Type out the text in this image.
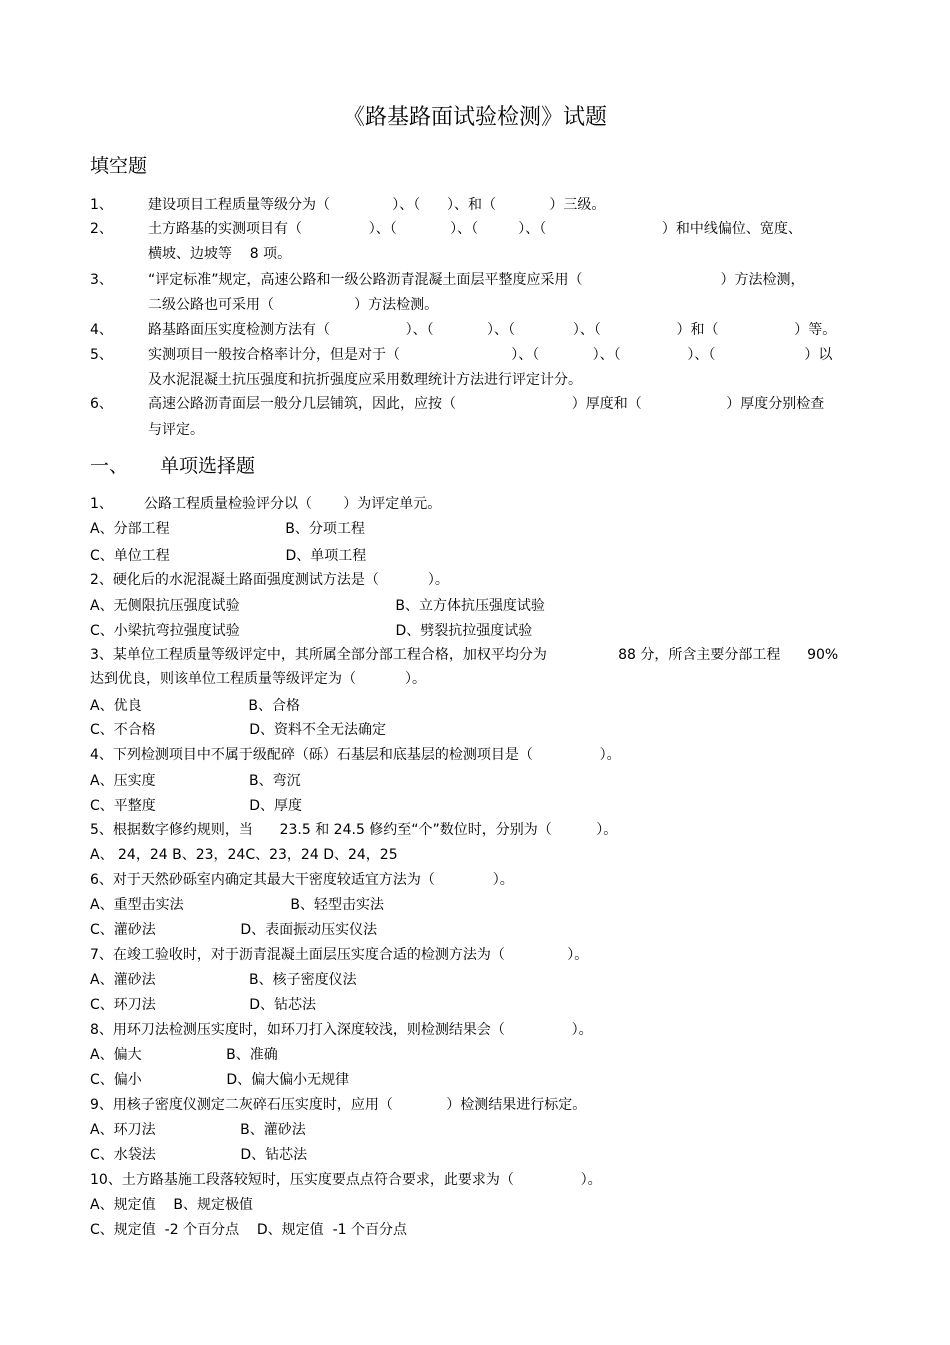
《路基路面试验检测》试题
填空题
1、	建设项目工程质量等级分为（              ）、（      ）、和（            ）三级。
2、	土方路基的实测项目有（               ）、（            ）、（         ）、（                          ）和中线偏位、宽度、
横坡、边坡等    8 项。
3、	“评定标准”规定，高速公路和一级公路沥青混凝土面层平整度应采用（                               ）方法检测，
二级公路也可采用（                  ）方法检测。
4、	路基路面压实度检测方法有（                 ）、（            ）、（             ）、（                 ）和（                 ）等。
5、	实测项目一般按合格率计分，但是对于（                         ）、（            ）、（               ）、（                    ）以
及水泥混凝土抗压强度和抗折强度应采用数理统计方法进行评定计分。
6、	高速公路沥青面层一般分几层铺筑，因此，应按（                          ）厚度和（                   ）厚度分别检查
与评定。
一、 单项选择题
1、       公路工程质量检验评分以（       ）为评定单元。
A、分部工程                          B、分项工程
C、单位工程                          D、单项工程
2、硬化后的水泥混凝土路面强度测试方法是（           ）。
A、无侧限抗压强度试验                                   B、立方体抗压强度试验
C、小梁抗弯拉强度试验                                   D、劈裂抗拉强度试验
3、某单位工程质量等级评定中，其所属全部分部工程合格，加权平均分为                88 分，所含主要分部工程      90%
达到优良，则该单位工程质量等级评定为（           ）。
A、优良                        B、合格
C、不合格                     D、资料不全无法确定
4、下列检测项目中不属于级配碎（砾）石基层和底基层的检测项目是（               ）。
A、压实度                     B、弯沉
C、平整度                     D、厚度
5、根据数字修约规则，当      23.5 和 24.5 修约至“个”数位时，分别为（          ）。
A、 24，24 B、23，24C、23，24 D、24，25
6、对于天然砂砾室内确定其最大干密度较适宜方法为（             ）。
A、重型击实法                        B、轻型击实法
C、灌砂法                   D、表面振动压实仪法
7、在竣工验收时，对于沥青混凝土面层压实度合适的检测方法为（              ）。
A、灌砂法                     B、核子密度仪法
C、环刀法                     D、钻芯法
8、用环刀法检测压实度时，如环刀打入深度较浅，则检测结果会（               ）。
A、偏大                   B、准确
C、偏小                   D、偏大偏小无规律
9、用核子密度仪测定二灰碎石压实度时，应用（            ）检测结果进行标定。
A、环刀法                   B、灌砂法
C、水袋法                   D、钻芯法
10、土方路基施工段落较短时，压实度要点点符合要求，此要求为（               ）。
A、规定值    B、规定极值
C、规定值  -2 个百分点    D、规定值  -1 个百分点
